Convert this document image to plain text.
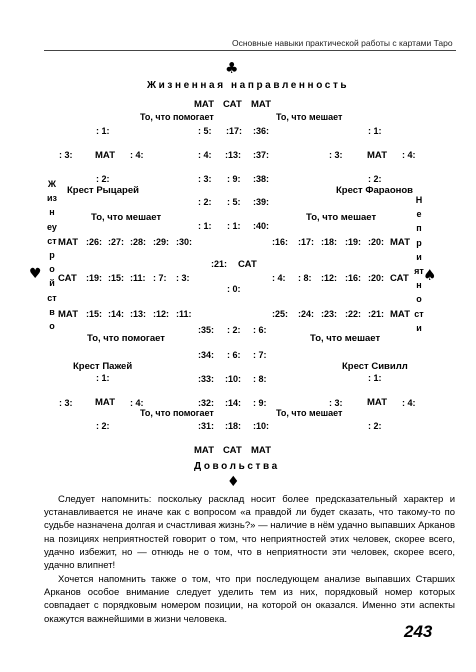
Основные навыки практической работы с картами Таро
♣
Жизненная направленность
МАТ САТ МАТ
То, что помогает	То, что мешает
: 1:	: 5: :17: :36:	: 1:
: 3: МАТ : 4:	: 4: :13: :37:	: 3:	МАТ : 4:
: 2:	: 3: : 9: :38:	: 2:
Крест Рыцарей	Крест Фараонов
: 2: : 5: :39:
То, что мешает	То, что мешает
: 1: : 1: :40:
МАТ :26: :27: :28: :29: :30:	:16: :17: :18: :19: :20: МАТ
:21: САТ
САТ :19: :15: :11: : 7: : 3:	: 4: : 8: :12: :16: :20: САТ
: 0:
МАТ :15: :14: :13: :12: :11:	:25: :24: :23: :22: :21: МАТ
То, что помогает
:35: : 2: : 6:
То, что мешает
:34: : 6: : 7:
Крест Пажей	Крест Сивилл
: 1:	:33: :10: : 8:	: 1:
: 3: МАТ : 4:	:32: :14: : 9:	: 3:	МАТ : 4:
То, что помогает	То, что мешает
: 2:	:31: :18: :10:	: 2:
МАТ САТ МАТ
Довольства
♦
Жизнеустройство
♥
Неприятности
♠

Следует напомнить: поскольку расклад носит более предсказательный характер и устанавливается не иначе как с вопросом «а правдой ли будет сказать, что такому-то по судьбе назначена долгая и счастливая жизнь?» — наличие в нём удачно выпавших Арканов на позициях неприятностей говорит о том, что неприятностей этих человек, скорее всего, удачно избежит, но — отнюдь не о том, что в неприятности эти человек, скорее всего, удачно влипнет!

Хочется напомнить также о том, что при последующем анализе выпавших Старших Арканов особое внимание следует уделить тем из них, порядковый номер которых совпадает с порядковым номером позиции, на которой он оказался. Именно эти аспекты окажутся важнейшими в жизни человека.

243
